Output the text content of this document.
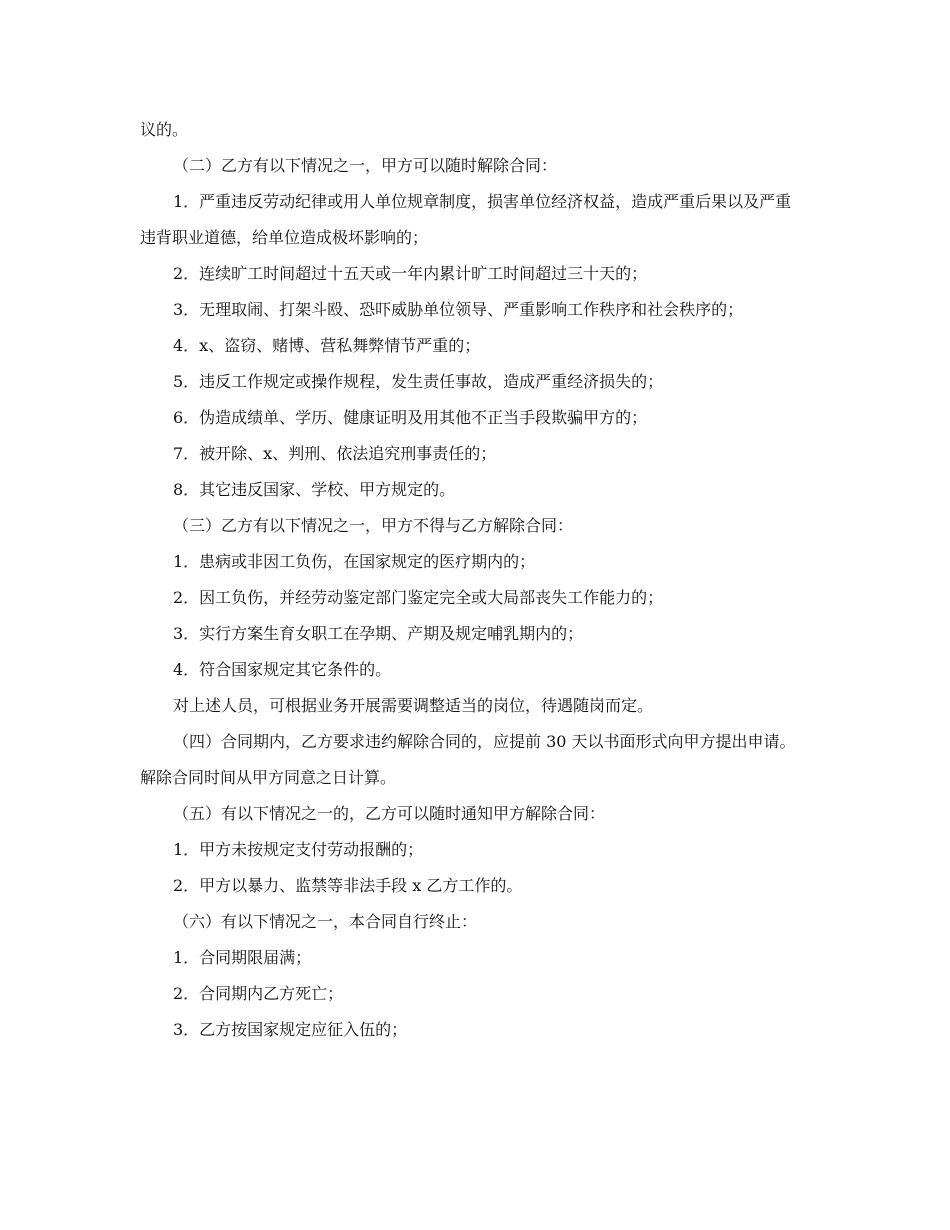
议的。

（二）乙方有以下情况之一，甲方可以随时解除合同：

1．严重违反劳动纪律或用人单位规章制度，损害单位经济权益，造成严重后果以及严重违背职业道德，给单位造成极坏影响的；

2．连续旷工时间超过十五天或一年内累计旷工时间超过三十天的；

3．无理取闹、打架斗殴、恐吓威胁单位领导、严重影响工作秩序和社会秩序的；

4．x、盗窃、赌博、营私舞弊情节严重的；

5．违反工作规定或操作规程，发生责任事故，造成严重经济损失的；

6．伪造成绩单、学历、健康证明及用其他不正当手段欺骗甲方的；

7．被开除、x、判刑、依法追究刑事责任的；

8．其它违反国家、学校、甲方规定的。

（三）乙方有以下情况之一，甲方不得与乙方解除合同：

1．患病或非因工负伤，在国家规定的医疗期内的；

2．因工负伤，并经劳动鉴定部门鉴定完全或大局部丧失工作能力的；

3．实行方案生育女职工在孕期、产期及规定哺乳期内的；

4．符合国家规定其它条件的。

对上述人员，可根据业务开展需要调整适当的岗位，待遇随岗而定。

（四）合同期内，乙方要求违约解除合同的，应提前 30 天以书面形式向甲方提出申请。解除合同时间从甲方同意之日计算。

（五）有以下情况之一的，乙方可以随时通知甲方解除合同：

1．甲方未按规定支付劳动报酬的；

2．甲方以暴力、监禁等非法手段 x 乙方工作的。

（六）有以下情况之一，本合同自行终止：

1．合同期限届满；

2．合同期内乙方死亡；

3．乙方按国家规定应征入伍的；
